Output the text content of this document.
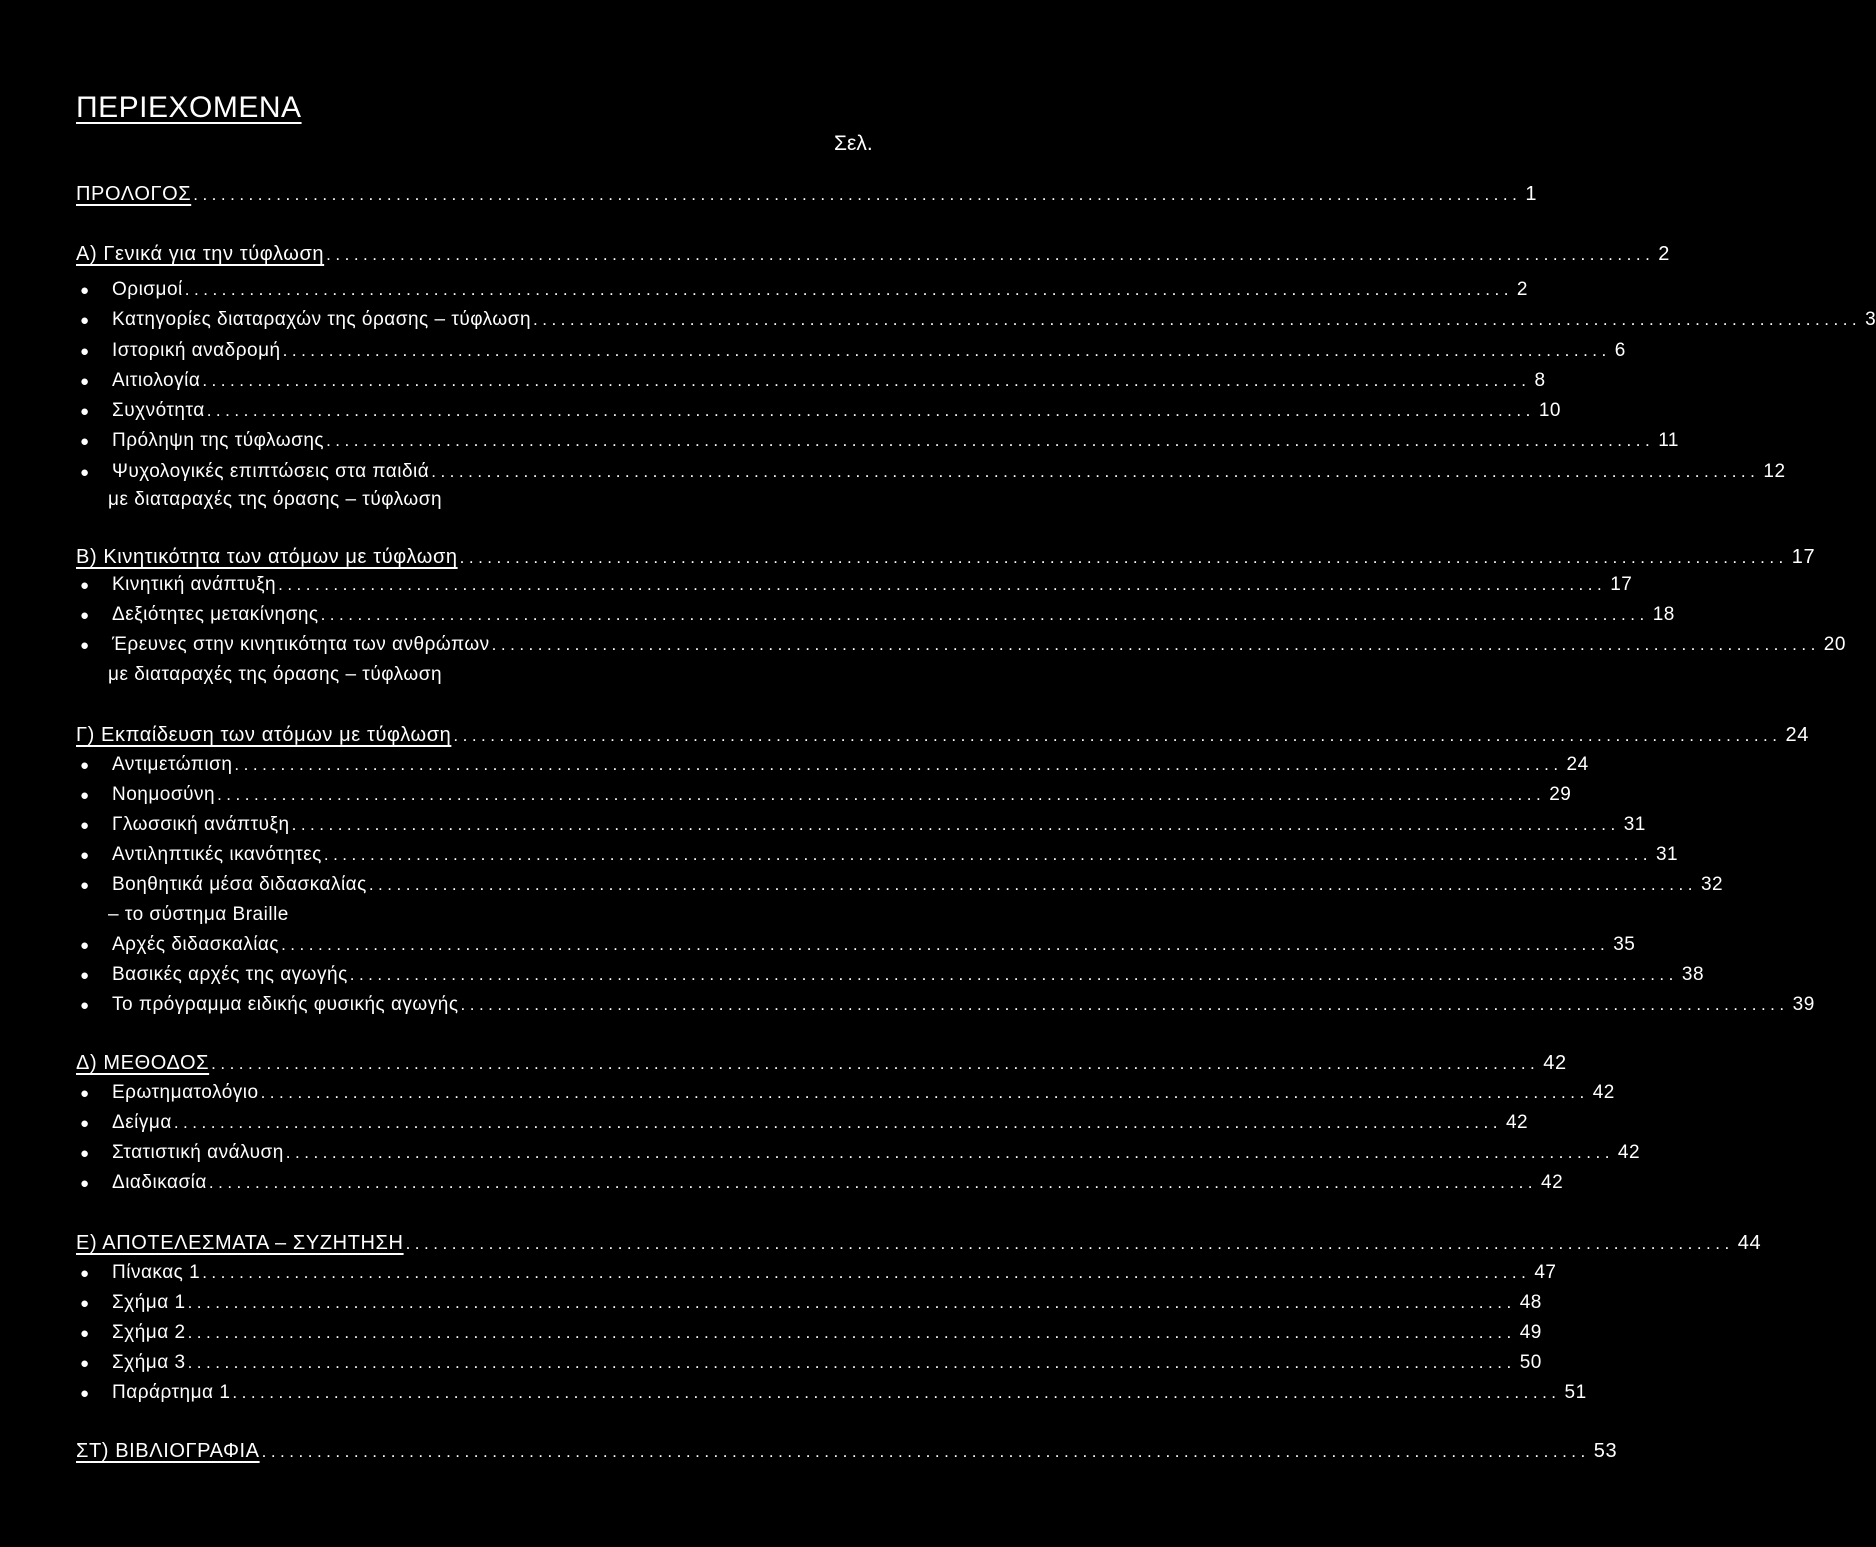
ΠΕΡΙΕΧΟΜΕΝΑ
Σελ.
ΠΡΟΛΟΓΟΣ ................................................................................................................................................ 1
Α) Γενικά για την τύφλωση ................................................................................................................................................ 2
●	Ορισμοί ................................................................................................................................................ 2
●	Κατηγορίες διαταραχών της όρασης – τύφλωση ................................................................................................................................................ 3
●	Ιστορική αναδρομή ................................................................................................................................................ 6
●	Αιτιολογία ................................................................................................................................................ 8
●	Συχνότητα ................................................................................................................................................ 10
●	Πρόληψη της τύφλωσης ................................................................................................................................................ 11
●	Ψυχολογικές επιπτώσεις στα παιδιά ................................................................................................................................................ 12
με διαταραχές της όρασης – τύφλωση
Β) Κινητικότητα των ατόμων με τύφλωση ................................................................................................................................................ 17
●	Κινητική ανάπτυξη ................................................................................................................................................ 17
●	Δεξιότητες μετακίνησης ................................................................................................................................................ 18
●	Έρευνες στην κινητικότητα των ανθρώπων ................................................................................................................................................ 20
με διαταραχές της όρασης – τύφλωση
Γ) Εκπαίδευση των ατόμων με τύφλωση ................................................................................................................................................ 24
●	Αντιμετώπιση ................................................................................................................................................ 24
●	Νοημοσύνη ................................................................................................................................................ 29
●	Γλωσσική ανάπτυξη ................................................................................................................................................ 31
●	Αντιληπτικές ικανότητες ................................................................................................................................................ 31
●	Βοηθητικά μέσα διδασκαλίας ................................................................................................................................................ 32
– το σύστημα Braille
●	Αρχές διδασκαλίας ................................................................................................................................................ 35
●	Βασικές αρχές της αγωγής ................................................................................................................................................ 38
●	Το πρόγραμμα ειδικής φυσικής αγωγής ................................................................................................................................................ 39
Δ) ΜΕΘΟΔΟΣ ................................................................................................................................................ 42
●	Ερωτηματολόγιο ................................................................................................................................................ 42
●	Δείγμα ................................................................................................................................................ 42
●	Στατιστική ανάλυση ................................................................................................................................................ 42
●	Διαδικασία ................................................................................................................................................ 42
Ε) ΑΠΟΤΕΛΕΣΜΑΤΑ – ΣΥΖΗΤΗΣΗ ................................................................................................................................................ 44
●	Πίνακας 1 ................................................................................................................................................ 47
●	Σχήμα 1 ................................................................................................................................................ 48
●	Σχήμα 2 ................................................................................................................................................ 49
●	Σχήμα 3 ................................................................................................................................................ 50
●	Παράρτημα 1 ................................................................................................................................................ 51
ΣΤ) ΒΙΒΛΙΟΓΡΑΦΙΑ ................................................................................................................................................ 53
